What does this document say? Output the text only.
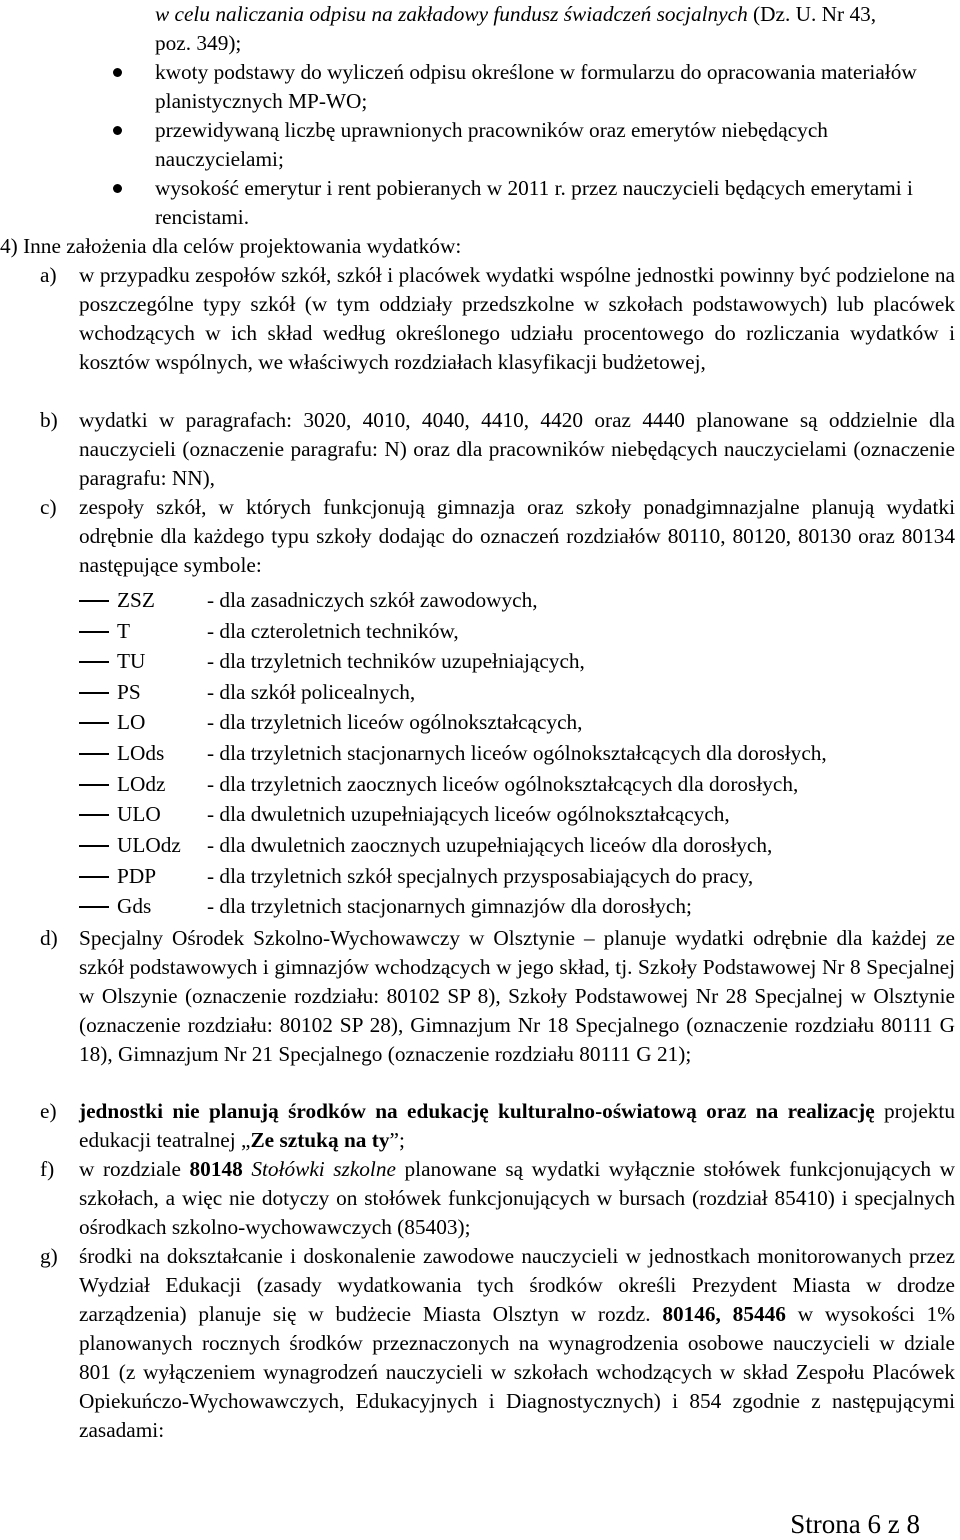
w celu naliczania odpisu na zakładowy fundusz świadczeń socjalnych (Dz. U. Nr 43, poz. 349);
kwoty podstawy do wyliczeń odpisu określone w formularzu do opracowania materiałów planistycznych MP-WO;
przewidywaną liczbę uprawnionych pracowników oraz emerytów niebędących nauczycielami;
wysokość emerytur i rent pobieranych w 2011 r. przez nauczycieli będących emerytami i rencistami.
4) Inne założenia dla celów projektowania wydatków:
a) w przypadku zespołów szkół, szkół i placówek wydatki wspólne jednostki powinny być podzielone na poszczególne typy szkół (w tym oddziały przedszkolne w szkołach podstawowych) lub placówek wchodzących w ich skład według określonego udziału procentowego do rozliczania wydatków i kosztów wspólnych, we właściwych rozdziałach klasyfikacji budżetowej,
b) wydatki w paragrafach: 3020, 4010, 4040, 4410, 4420 oraz 4440 planowane są oddzielnie dla nauczycieli (oznaczenie paragrafu: N) oraz dla pracowników niebędących nauczycielami (oznaczenie paragrafu: NN),
c) zespoły szkół, w których funkcjonują gimnazja oraz szkoły ponadgimnazjalne planują wydatki odrębnie dla każdego typu szkoły dodając do oznaczeń rozdziałów 80110, 80120, 80130 oraz 80134 następujące symbole:
ZSZ - dla zasadniczych szkół zawodowych,
T	- dla czteroletnich techników,
TU	- dla trzyletnich techników uzupełniających,
PS	- dla szkół policealnych,
LO	- dla trzyletnich liceów ogólnokształcących,
LOds - dla trzyletnich stacjonarnych liceów ogólnokształcących dla dorosłych,
LOdz - dla trzyletnich zaocznych liceów ogólnokształcących dla dorosłych,
ULO - dla dwuletnich uzupełniających liceów ogólnokształcących,
ULOdz - dla dwuletnich zaocznych uzupełniających liceów dla dorosłych,
PDP - dla trzyletnich szkół specjalnych przysposabiających do pracy,
Gds	- dla trzyletnich stacjonarnych gimnazjów dla dorosłych;
d) Specjalny Ośrodek Szkolno-Wychowawczy w Olsztynie – planuje wydatki odrębnie dla każdej ze szkół podstawowych i gimnazjów wchodzących w jego skład, tj. Szkoły Podstawowej Nr 8 Specjalnej w Olszynie (oznaczenie rozdziału: 80102 SP 8), Szkoły Podstawowej Nr 28 Specjalnej w Olsztynie (oznaczenie rozdziału: 80102 SP 28), Gimnazjum Nr 18 Specjalnego (oznaczenie rozdziału 80111 G 18), Gimnazjum Nr 21 Specjalnego (oznaczenie rozdziału 80111 G 21);
e) jednostki nie planują środków na edukację kulturalno-oświatową oraz na realizację projektu edukacji teatralnej „Ze sztuką na ty”;
f) w rozdziale 80148 Stołówki szkolne planowane są wydatki wyłącznie stołówek funkcjonujących w szkołach, a więc nie dotyczy on stołówek funkcjonujących w bursach (rozdział 85410) i specjalnych ośrodkach szkolno-wychowawczych (85403);
g) środki na dokształcanie i doskonalenie zawodowe nauczycieli w jednostkach monitorowanych przez Wydział Edukacji (zasady wydatkowania tych środków określi Prezydent Miasta w drodze zarządzenia) planuje się w budżecie Miasta Olsztyn w rozdz. 80146, 85446 w wysokości 1% planowanych rocznych środków przeznaczonych na wynagrodzenia osobowe nauczycieli w dziale 801 (z wyłączeniem wynagrodzeń nauczycieli w szkołach wchodzących w skład Zespołu Placówek Opiekuńczo-Wychowawczych, Edukacyjnych i Diagnostycznych) i 854 zgodnie z następującymi zasadami:
Strona 6 z 8
